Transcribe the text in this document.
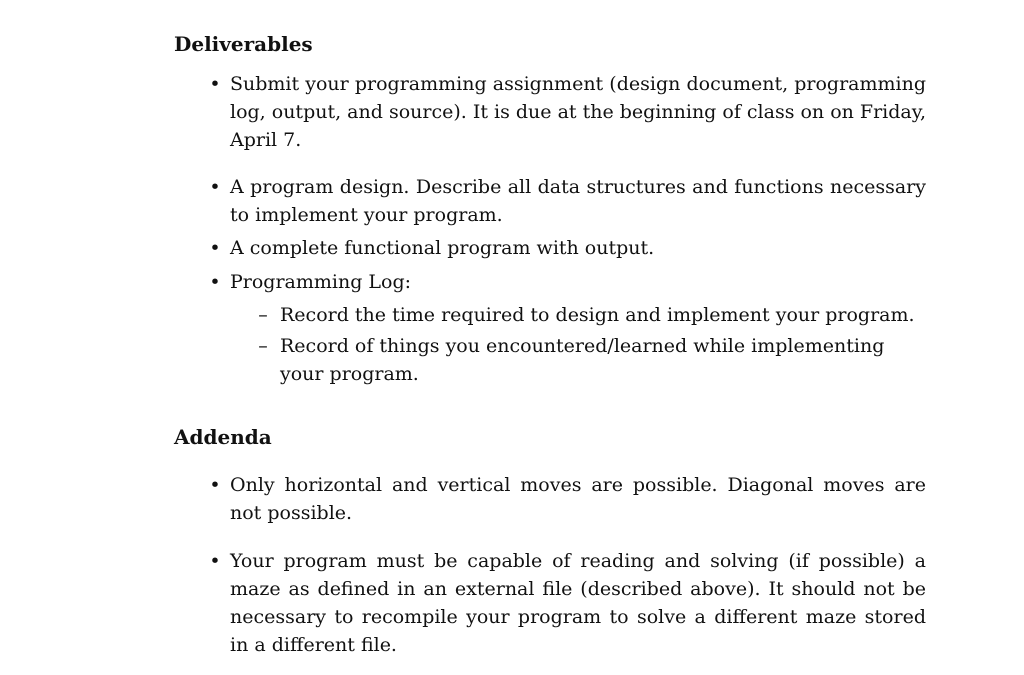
Deliverables

• Submit your programming assignment (design document, programming log, output, and source). It is due at the beginning of class on on Friday, April 7.

• A program design. Describe all data structures and functions necessary to implement your program.

• A complete functional program with output.

• Programming Log:

– Record the time required to design and implement your program.

– Record of things you encountered/learned while implementing your program.

Addenda

• Only horizontal and vertical moves are possible. Diagonal moves are not possible.

• Your program must be capable of reading and solving (if possible) a maze as defined in an external file (described above). It should not be necessary to recompile your program to solve a different maze stored in a different file.
